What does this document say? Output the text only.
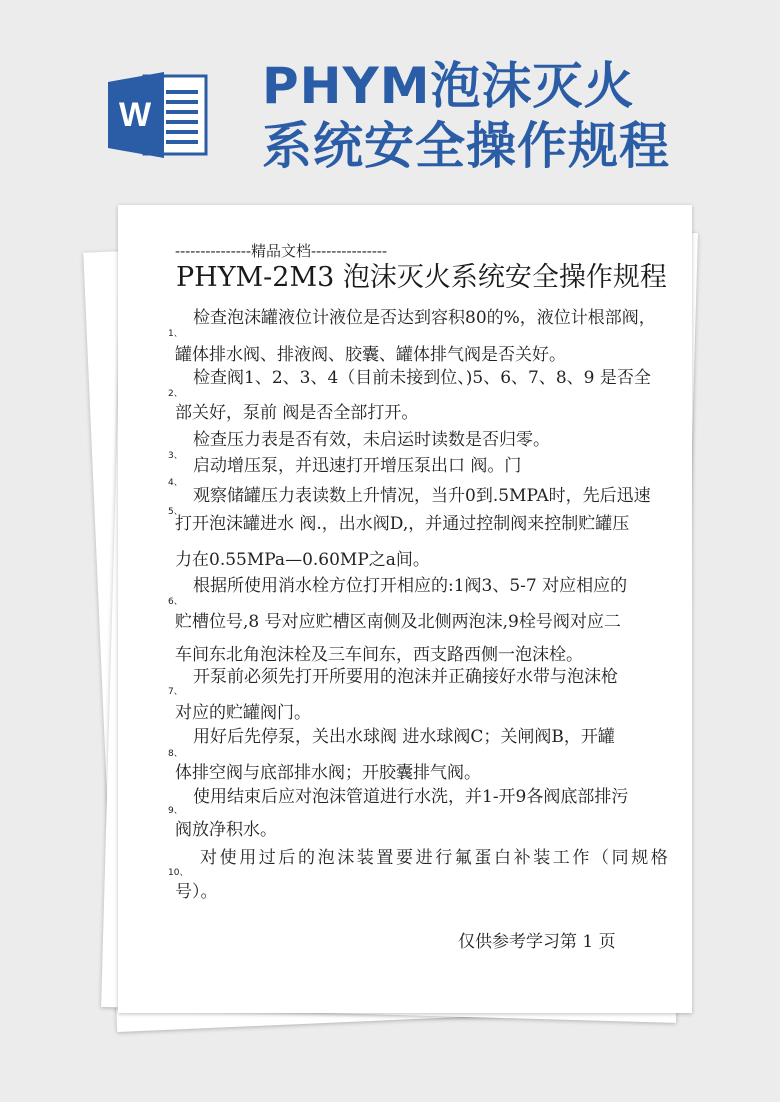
W PHYM泡沫灭火
系统安全操作规程
---------------精品文档---------------
PHYM-2M3 泡沫灭火系统安全操作规程
1、
检查泡沫罐液位计液位是否达到容积80的%，液位计根部阀，
罐体排水阀、排液阀、胶囊、罐体排气阀是否关好。
2、
检查阀1、2、3、4（目前未接到位、)5、6、7、8、9 是否全
部关好，泵前 阀是否全部打开。
3、
检查压力表是否有效，未启运时读数是否归零。
4、
启动增压泵，并迅速打开增压泵出口 阀。门
5、
观察储罐压力表读数上升情况，当升0到.5MPA时，先后迅速
打开泡沫罐进水 阀.，出水阀D,，并通过控制阀来控制贮罐压
力在0.55MPa—0.60MP之a间。
6、
根据所使用消水栓方位打开相应的:1阀3、5-7 对应相应的
贮槽位号,8 号对应贮槽区南侧及北侧两泡沫,9栓号阀对应二
车间东北角泡沫栓及三车间东，西支路西侧一泡沫栓。
7、
开泵前必须先打开所要用的泡沫并正确接好水带与泡沫枪
对应的贮罐阀门。
8、
用好后先停泵，关出水球阀 进水球阀C；关闸阀B，开罐
体排空阀与底部排水阀；开胶囊排气阀。
9、
使用结束后应对泡沫管道进行水洗，并1-开9各阀底部排污
阀放净积水。
10、
对使用过后的泡沫装置要进行氟蛋白补装工作（同规格
号）。
仅供参考学习第 1 页
